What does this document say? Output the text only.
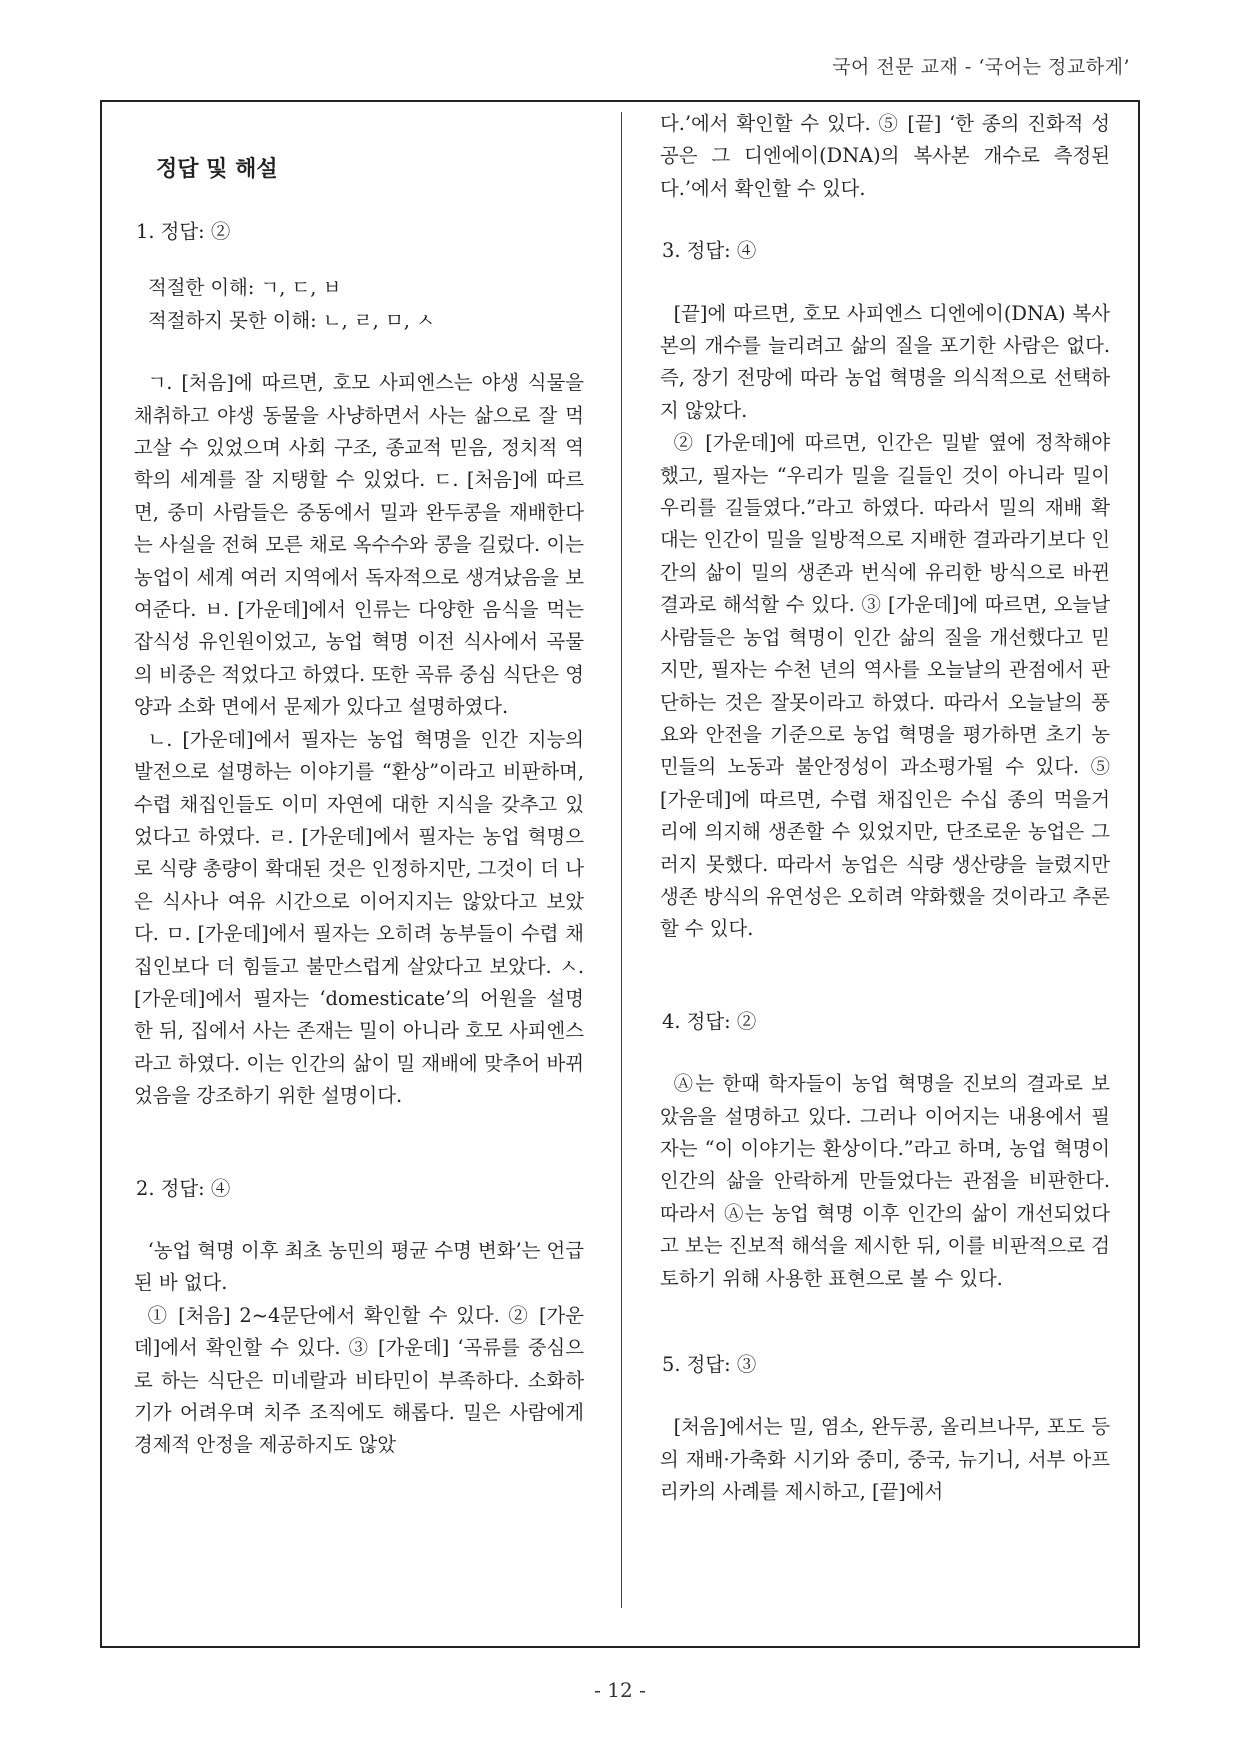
국어 전문 교재 - ‘국어는 정교하게’
정답 및 해설
1. 정답: ②

적절한 이해: ㄱ, ㄷ, ㅂ

적절하지 못한 이해: ㄴ, ㄹ, ㅁ, ㅅ

ㄱ. [처음]에 따르면, 호모 사피엔스는 야생 식물을 채취하고 야생 동물을 사냥하면서 사는 삶으로 잘 먹고살 수 있었으며 사회 구조, 종교적 믿음, 정치적 역학의 세계를 잘 지탱할 수 있었다. ㄷ. [처음]에 따르면, 중미 사람들은 중동에서 밀과 완두콩을 재배한다는 사실을 전혀 모른 채로 옥수수와 콩을 길렀다. 이는 농업이 세계 여러 지역에서 독자적으로 생겨났음을 보여준다. ㅂ. [가운데]에서 인류는 다양한 음식을 먹는 잡식성 유인원이었고, 농업 혁명 이전 식사에서 곡물의 비중은 적었다고 하였다. 또한 곡류 중심 식단은 영양과 소화 면에서 문제가 있다고 설명하였다.

ㄴ. [가운데]에서 필자는 농업 혁명을 인간 지능의 발전으로 설명하는 이야기를 “환상”이라고 비판하며, 수렵 채집인들도 이미 자연에 대한 지식을 갖추고 있었다고 하였다. ㄹ. [가운데]에서 필자는 농업 혁명으로 식량 총량이 확대된 것은 인정하지만, 그것이 더 나은 식사나 여유 시간으로 이어지지는 않았다고 보았다. ㅁ. [가운데]에서 필자는 오히려 농부들이 수렵 채집인보다 더 힘들고 불만스럽게 살았다고 보았다. ㅅ. [가운데]에서 필자는 ‘domesticate’의 어원을 설명한 뒤, 집에서 사는 존재는 밀이 아니라 호모 사피엔스라고 하였다. 이는 인간의 삶이 밀 재배에 맞추어 바뀌었음을 강조하기 위한 설명이다.

2. 정답: ④

‘농업 혁명 이후 최초 농민의 평균 수명 변화’는 언급된 바 없다.

① [처음] 2~4문단에서 확인할 수 있다. ② [가운데]에서 확인할 수 있다. ③ [가운데] ‘곡류를 중심으로 하는 식단은 미네랄과 비타민이 부족하다. 소화하기가 어려우며 치주 조직에도 해롭다. 밀은 사람에게 경제적 안정을 제공하지도 않았

다.’에서 확인할 수 있다. ⑤ [끝] ‘한 종의 진화적 성공은 그 디엔에이(DNA)의 복사본 개수로 측정된다.’에서 확인할 수 있다.

3. 정답: ④

[끝]에 따르면, 호모 사피엔스 디엔에이(DNA) 복사본의 개수를 늘리려고 삶의 질을 포기한 사람은 없다. 즉, 장기 전망에 따라 농업 혁명을 의식적으로 선택하지 않았다.

② [가운데]에 따르면, 인간은 밀밭 옆에 정착해야 했고, 필자는 “우리가 밀을 길들인 것이 아니라 밀이 우리를 길들였다.”라고 하였다. 따라서 밀의 재배 확대는 인간이 밀을 일방적으로 지배한 결과라기보다 인간의 삶이 밀의 생존과 번식에 유리한 방식으로 바뀐 결과로 해석할 수 있다. ③ [가운데]에 따르면, 오늘날 사람들은 농업 혁명이 인간 삶의 질을 개선했다고 믿지만, 필자는 수천 년의 역사를 오늘날의 관점에서 판단하는 것은 잘못이라고 하였다. 따라서 오늘날의 풍요와 안전을 기준으로 농업 혁명을 평가하면 초기 농민들의 노동과 불안정성이 과소평가될 수 있다. ⑤ [가운데]에 따르면, 수렵 채집인은 수십 종의 먹을거리에 의지해 생존할 수 있었지만, 단조로운 농업은 그러지 못했다. 따라서 농업은 식량 생산량을 늘렸지만 생존 방식의 유연성은 오히려 약화했을 것이라고 추론할 수 있다.

4. 정답: ②

Ⓐ는 한때 학자들이 농업 혁명을 진보의 결과로 보았음을 설명하고 있다. 그러나 이어지는 내용에서 필자는 “이 이야기는 환상이다.”라고 하며, 농업 혁명이 인간의 삶을 안락하게 만들었다는 관점을 비판한다. 따라서 Ⓐ는 농업 혁명 이후 인간의 삶이 개선되었다고 보는 진보적 해석을 제시한 뒤, 이를 비판적으로 검토하기 위해 사용한 표현으로 볼 수 있다.

5. 정답: ③

[처음]에서는 밀, 염소, 완두콩, 올리브나무, 포도 등의 재배·가축화 시기와 중미, 중국, 뉴기니, 서부 아프리카의 사례를 제시하고, [끝]에서

- 12 -
